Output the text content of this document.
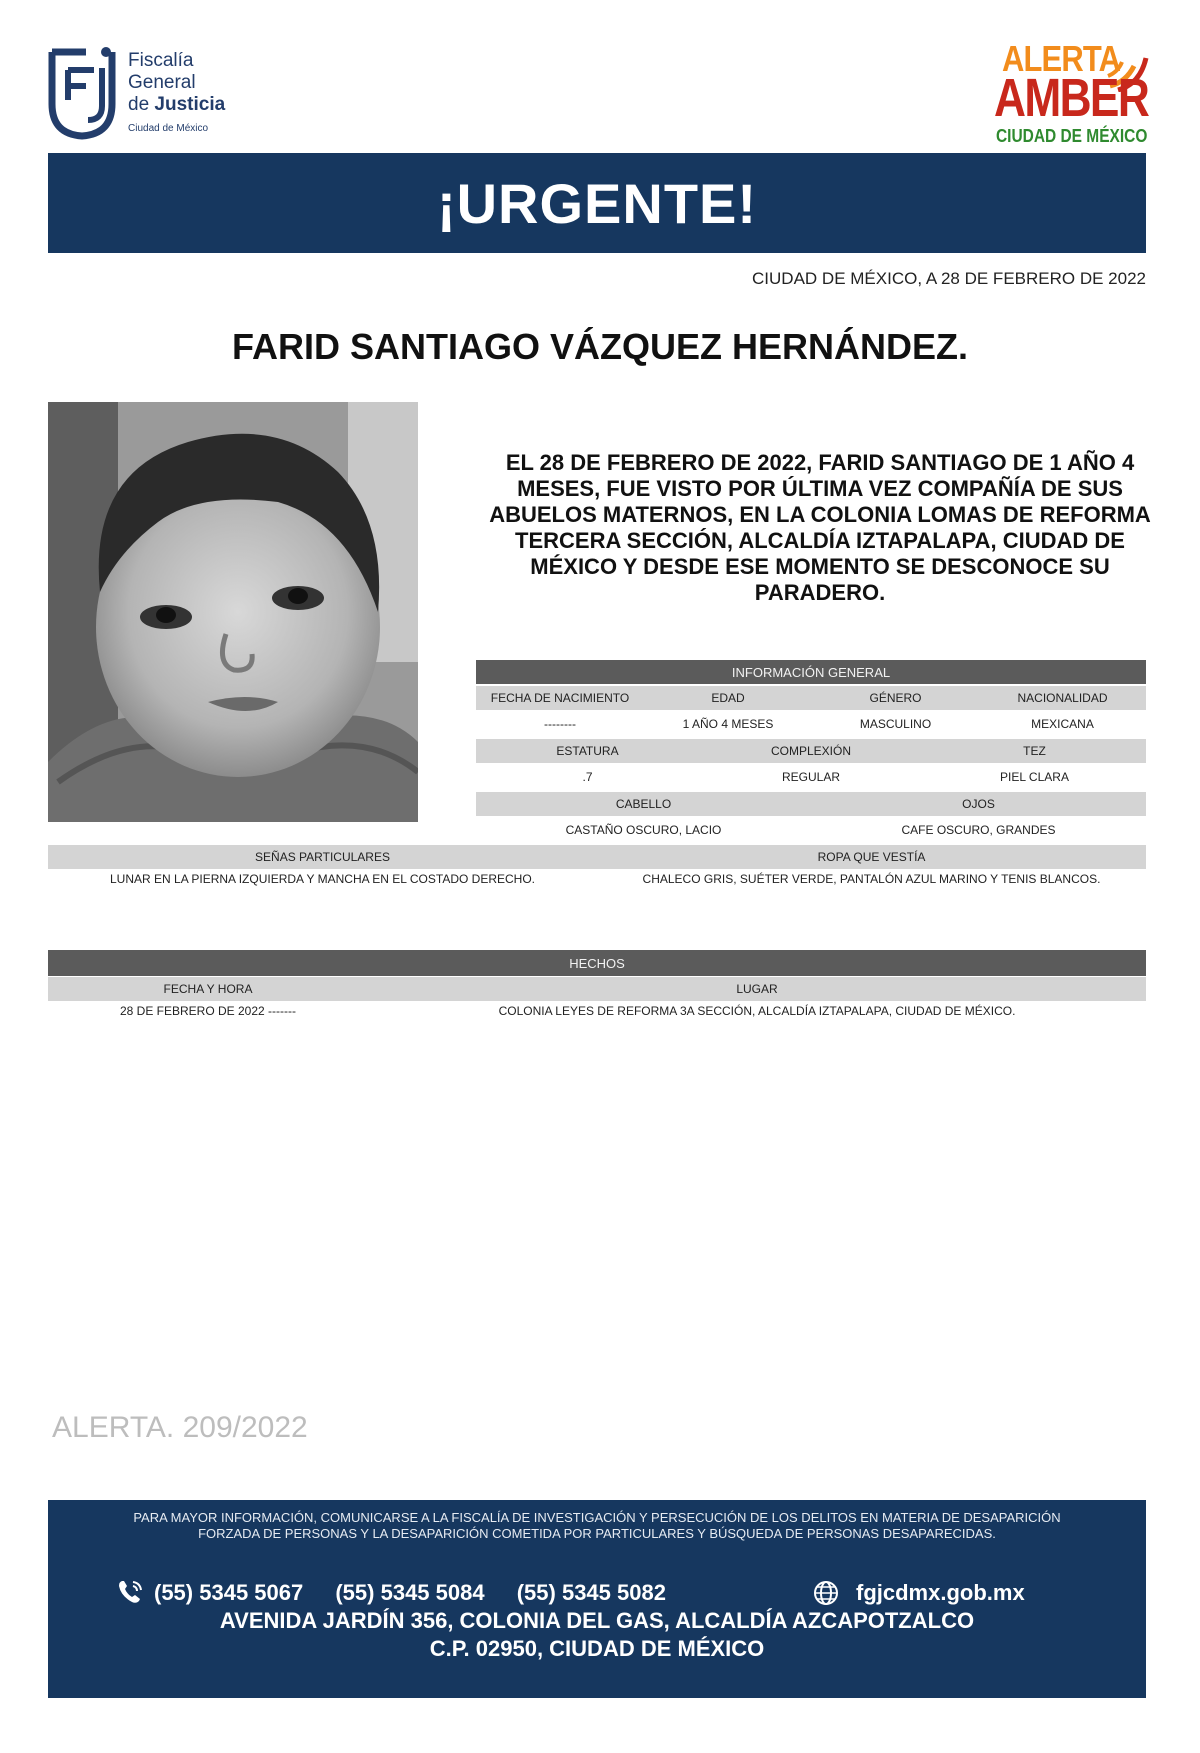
Fiscalía
General
de Justicia
Ciudad de México
ALERTA
AMBER
CIUDAD DE MÉXICO
¡URGENTE!
CIUDAD DE MÉXICO, A 28 DE FEBRERO DE 2022
FARID SANTIAGO VÁZQUEZ HERNÁNDEZ.
EL 28 DE FEBRERO DE 2022, FARID SANTIAGO DE 1 AÑO 4 MESES, FUE VISTO POR ÚLTIMA VEZ COMPAÑÍA DE SUS ABUELOS MATERNOS, EN LA COLONIA LOMAS DE REFORMA TERCERA SECCIÓN, ALCALDÍA IZTAPALAPA, CIUDAD DE MÉXICO Y DESDE ESE MOMENTO SE DESCONOCE SU PARADERO.
INFORMACIÓN GENERAL
FECHA DE NACIMIENTO	EDAD	GÉNERO	NACIONALIDAD
--------	1 AÑO 4 MESES	MASCULINO	MEXICANA
ESTATURA	COMPLEXIÓN	TEZ
.7	REGULAR	PIEL CLARA
CABELLO	OJOS
CASTAÑO OSCURO, LACIO	CAFE OSCURO, GRANDES
SEÑAS PARTICULARES	ROPA QUE VESTÍA
LUNAR EN LA PIERNA IZQUIERDA Y MANCHA EN EL COSTADO DERECHO.	CHALECO GRIS, SUÉTER VERDE, PANTALÓN AZUL MARINO Y TENIS BLANCOS.
HECHOS
FECHA Y HORA	LUGAR
28 DE FEBRERO DE 2022 -------	COLONIA LEYES DE REFORMA 3A SECCIÓN, ALCALDÍA IZTAPALAPA, CIUDAD DE MÉXICO.
ALERTA. 209/2022
PARA MAYOR INFORMACIÓN, COMUNICARSE A LA FISCALÍA DE INVESTIGACIÓN Y PERSECUCIÓN DE LOS DELITOS EN MATERIA DE DESAPARICIÓN
FORZADA DE PERSONAS Y LA DESAPARICIÓN COMETIDA POR PARTICULARES Y BÚSQUEDA DE PERSONAS DESAPARECIDAS.
(55) 5345 5067 (55) 5345 5084 (55) 5345 5082	fgjcdmx.gob.mx
AVENIDA JARDÍN 356, COLONIA DEL GAS, ALCALDÍA AZCAPOTZALCO
C.P. 02950, CIUDAD DE MÉXICO
